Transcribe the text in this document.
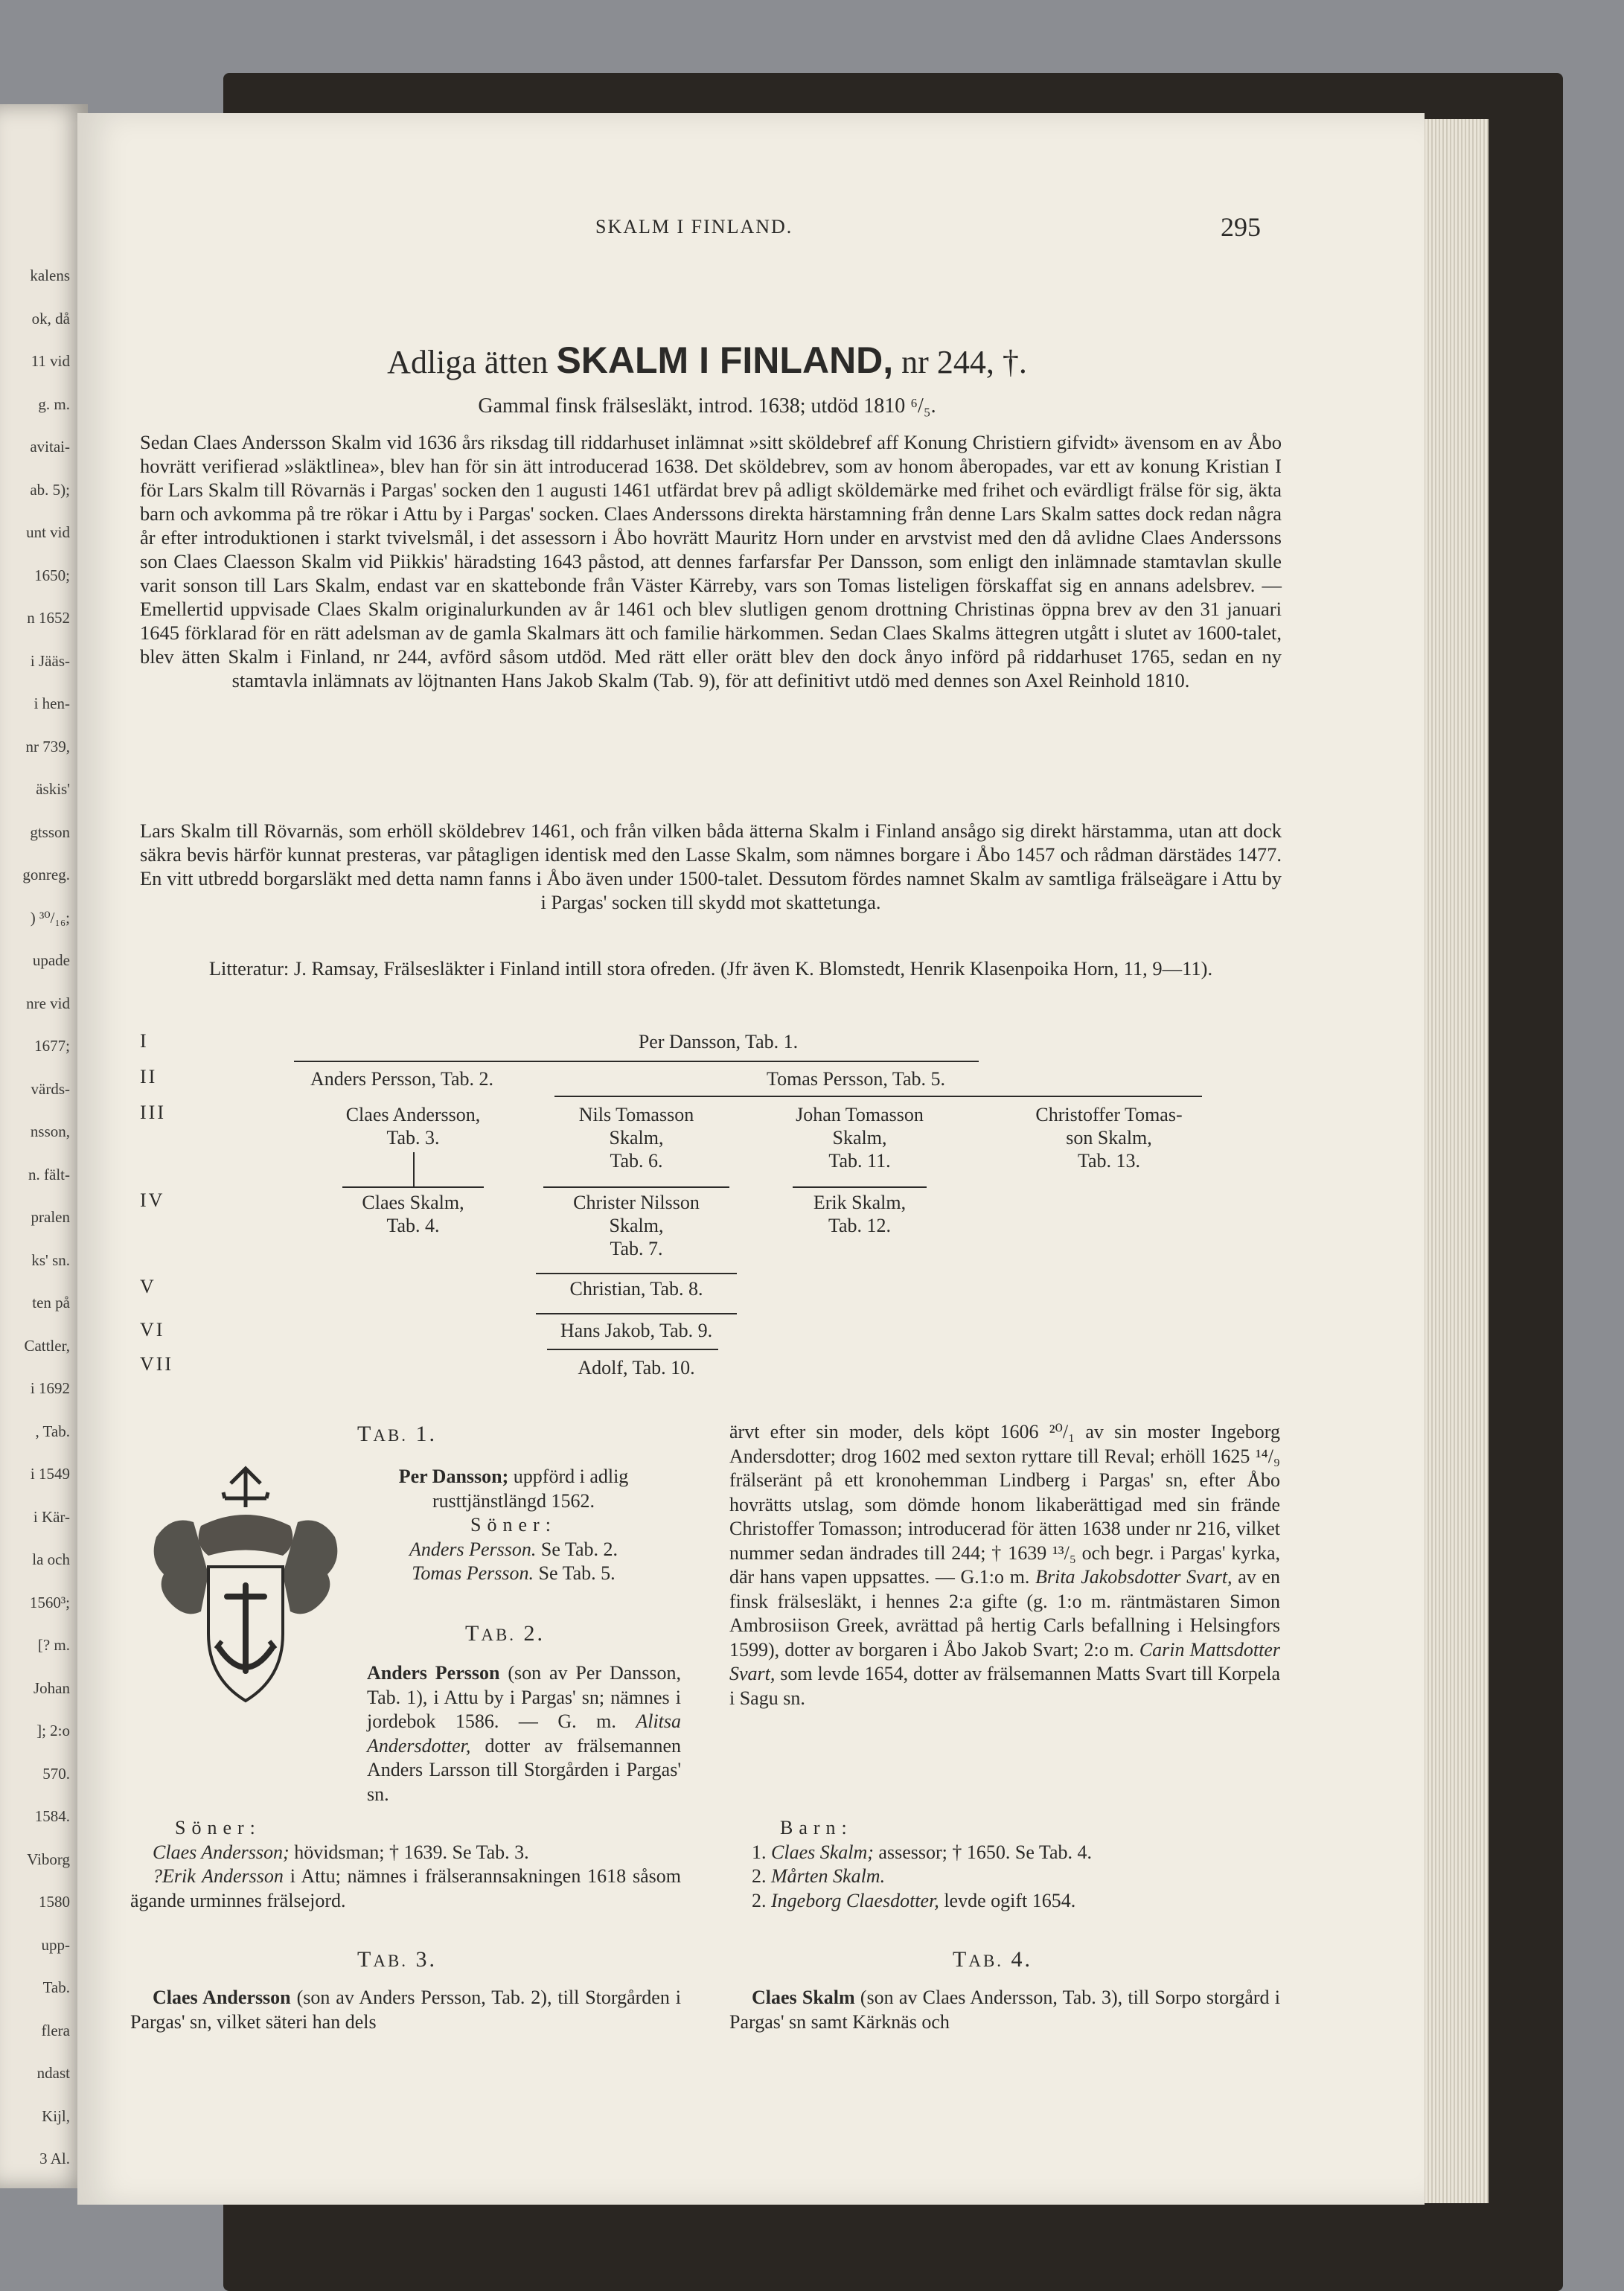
kalens
ok, då
11 vid
g. m.
avitai-
ab. 5);
unt vid
1650;
n 1652
i Jääs-
i hen-
nr 739,
äskis'
gtsson
gonreg.
) ³⁰/₁₆;
upade
nre vid
1677;
värds-
nsson,
n. fält-
pralen
ks' sn.
ten på
Cattler,
i 1692
, Tab.
i 1549
i Kär-
la och
1560³;
[? m.
Johan
]; 2:o
570.
1584.
Viborg
1580
upp-
Tab.
flera
ndast
Kijl,
3 Al.
SKALM I FINLAND.	295
Adliga ätten SKALM I FINLAND, nr 244, †.
Gammal finsk frälsesläkt, introd. 1638; utdöd 1810 ⁶/₅.
Sedan Claes Andersson Skalm vid 1636 års riksdag till riddarhuset inlämnat »sitt sköldebref aff Konung Christiern gifvidt» ävensom en av Åbo hovrätt verifierad »släktlinea», blev han för sin ätt introducerad 1638. Det sköldebrev, som av honom åberopades, var ett av konung Kristian I för Lars Skalm till Rövarnäs i Pargas' socken den 1 augusti 1461 utfärdat brev på adligt sköldemärke med frihet och evärdligt frälse för sig, äkta barn och avkomma på tre rökar i Attu by i Pargas' socken. Claes Anderssons direkta härstamning från denne Lars Skalm sattes dock redan några år efter introduktionen i starkt tvivelsmål, i det assessorn i Åbo hovrätt Mauritz Horn under en arvstvist med den då avlidne Claes Anderssons son Claes Claesson Skalm vid Piikkis' häradsting 1643 påstod, att dennes farfarsfar Per Dansson, som enligt den inlämnade stamtavlan skulle varit sonson till Lars Skalm, endast var en skattebonde från Väster Kärreby, vars son Tomas listeligen förskaffat sig en annans adelsbrev. — Emellertid uppvisade Claes Skalm originalurkunden av år 1461 och blev slutligen genom drottning Christinas öppna brev av den 31 januari 1645 förklarad för en rätt adelsman av de gamla Skalmars ätt och familie härkommen. Sedan Claes Skalms ättegren utgått i slutet av 1600-talet, blev ätten Skalm i Finland, nr 244, avförd såsom utdöd. Med rätt eller orätt blev den dock ånyo införd på riddarhuset 1765, sedan en ny stamtavla inlämnats av löjtnanten Hans Jakob Skalm (Tab. 9), för att definitivt utdö med dennes son Axel Reinhold 1810.
Lars Skalm till Rövarnäs, som erhöll sköldebrev 1461, och från vilken båda ätterna Skalm i Finland ansågo sig direkt härstamma, utan att dock säkra bevis härför kunnat presteras, var påtagligen identisk med den Lasse Skalm, som nämnes borgare i Åbo 1457 och rådman därstädes 1477. En vitt utbredd borgarsläkt med detta namn fanns i Åbo även under 1500-talet. Dessutom fördes namnet Skalm av samtliga frälseägare i Attu by i Pargas' socken till skydd mot skattetunga.
Litteratur: J. Ramsay, Frälsesläkter i Finland intill stora ofreden. (Jfr även K. Blomstedt, Henrik Klasenpoika Horn, 11, 9—11).
I
II
III
IV
V
VI
VII
Per Dansson, Tab. 1.
Anders Persson, Tab. 2.	Tomas Persson, Tab. 5.
Claes Andersson,
Tab. 3.
Nils Tomasson
Skalm,
Tab. 6.
Johan Tomasson
Skalm,
Tab. 11.
Christoffer Tomas-
son Skalm,
Tab. 13.
Claes Skalm,
Tab. 4.
Christer Nilsson
Skalm,
Tab. 7.
Erik Skalm,
Tab. 12.
Christian, Tab. 8.
Hans Jakob, Tab. 9.
Adolf, Tab. 10.
TAB. 1.
Per Dansson; uppförd i adlig rusttjänstlängd 1562.
Söner:
Anders Persson. Se Tab. 2.
Tomas Persson. Se Tab. 5.
TAB. 2.
Anders Persson (son av Per Dansson, Tab. 1), i Attu by i Pargas' sn; nämnes i jordebok 1586. — G. m. Alitsa Andersdotter, dotter av frälsemannen Anders Larsson till Storgården i Pargas' sn.
Söner:
Claes Andersson; hövidsman; † 1639. Se Tab. 3.
?Erik Andersson i Attu; nämnes i frälserannsakningen 1618 såsom ägande urminnes frälsejord.
TAB. 3.
Claes Andersson (son av Anders Persson, Tab. 2), till Storgården i Pargas' sn, vilket säteri han dels
ärvt efter sin moder, dels köpt 1606 ²⁰/₁ av sin moster Ingeborg Andersdotter; drog 1602 med sexton ryttare till Reval; erhöll 1625 ¹⁴/₉ frälseränt på ett kronohemman Lindberg i Pargas' sn, efter Åbo hovrätts utslag, som dömde honom likaberättigad med sin frände Christoffer Tomasson; introducerad för ätten 1638 under nr 216, vilket nummer sedan ändrades till 244; † 1639 ¹³/₅ och begr. i Pargas' kyrka, där hans vapen uppsattes. — G.1:o m. Brita Jakobsdotter Svart, av en finsk frälsesläkt, i hennes 2:a gifte (g. 1:o m. räntmästaren Simon Ambrosiison Greek, avrättad på hertig Carls befallning i Helsingfors 1599), dotter av borgaren i Åbo Jakob Svart; 2:o m. Carin Mattsdotter Svart, som levde 1654, dotter av frälsemannen Matts Svart till Korpela i Sagu sn.
Barn:
1. Claes Skalm; assessor; † 1650. Se Tab. 4.
2. Mårten Skalm.
2. Ingeborg Claesdotter, levde ogift 1654.
TAB. 4.
Claes Skalm (son av Claes Andersson, Tab. 3), till Sorpo storgård i Pargas' sn samt Kärknäs och
